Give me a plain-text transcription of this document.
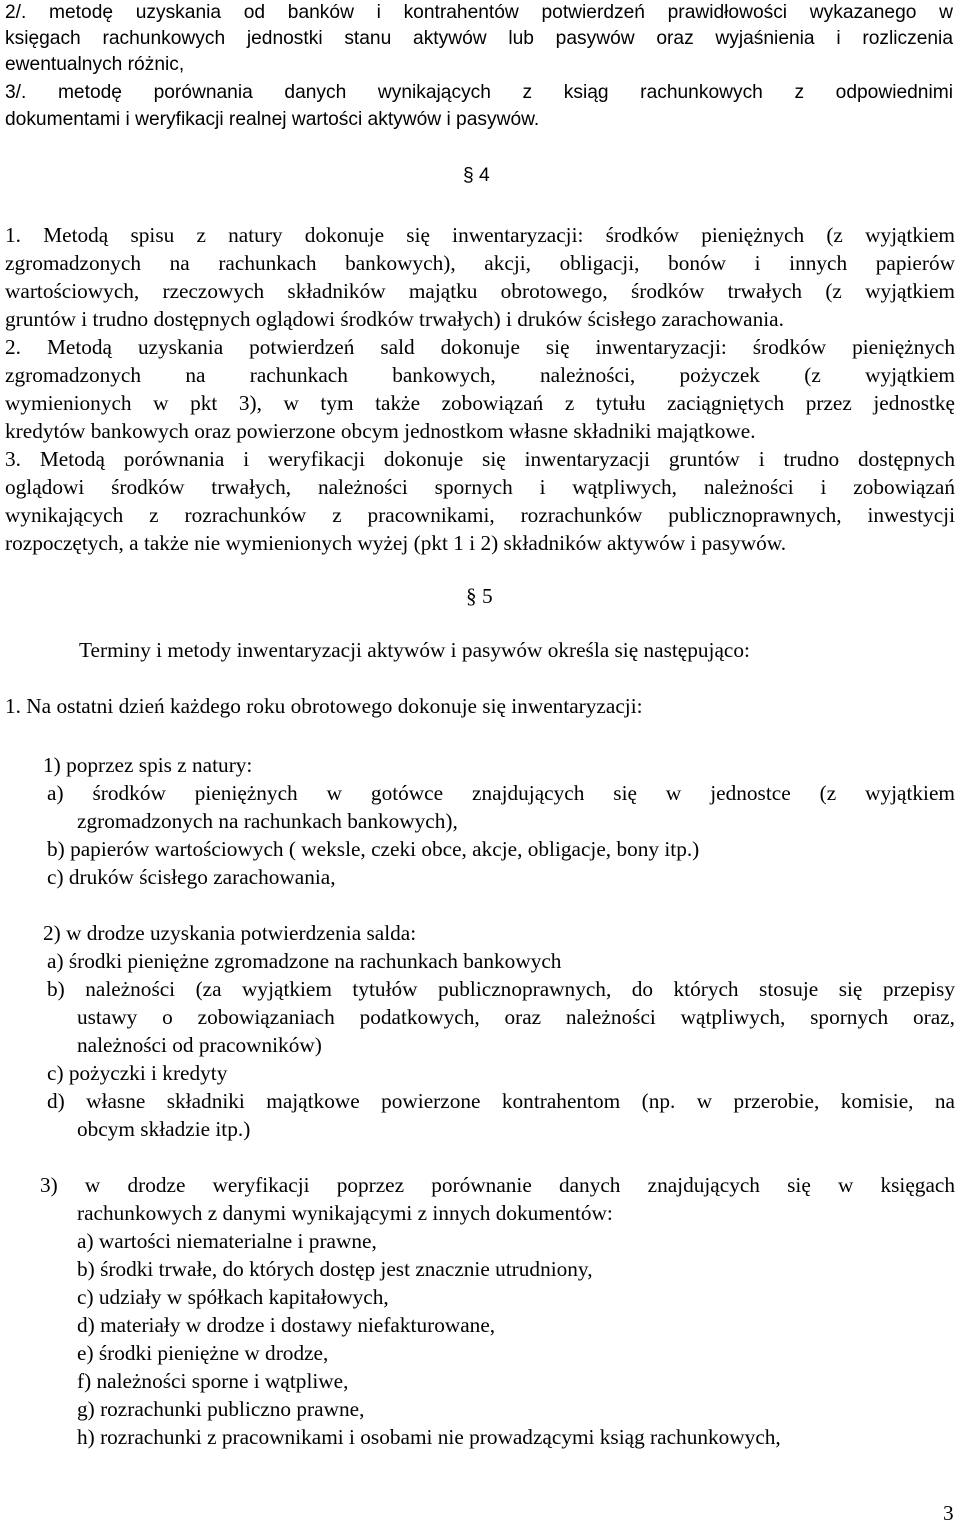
2/. metodę uzyskania od banków i kontrahentów potwierdzeń prawidłowości wykazanego w
księgach rachunkowych jednostki stanu aktywów lub pasywów oraz wyjaśnienia i rozliczenia
ewentualnych różnic,
3/. metodę porównania danych wynikających z ksiąg rachunkowych z odpowiednimi
dokumentami i weryfikacji realnej wartości aktywów i pasywów.
§ 4
1. Metodą spisu z natury dokonuje się inwentaryzacji: środków pieniężnych (z wyjątkiem
zgromadzonych na rachunkach bankowych), akcji, obligacji, bonów i innych papierów
wartościowych, rzeczowych składników majątku obrotowego, środków trwałych (z wyjątkiem
gruntów i trudno dostępnych oglądowi środków trwałych) i druków ścisłego zarachowania.
2. Metodą uzyskania potwierdzeń sald dokonuje się inwentaryzacji: środków pieniężnych
zgromadzonych na rachunkach bankowych, należności, pożyczek (z wyjątkiem
wymienionych w pkt 3), w tym także zobowiązań z tytułu zaciągniętych przez jednostkę
kredytów bankowych oraz powierzone obcym jednostkom własne składniki majątkowe.
3. Metodą porównania i weryfikacji dokonuje się inwentaryzacji gruntów i trudno dostępnych
oglądowi środków trwałych, należności spornych i wątpliwych, należności i zobowiązań
wynikających z rozrachunków z pracownikami, rozrachunków publicznoprawnych, inwestycji
rozpoczętych, a także nie wymienionych wyżej (pkt 1 i 2) składników aktywów i pasywów.
§ 5
Terminy i metody inwentaryzacji aktywów i pasywów określa się następująco:
1. Na ostatni dzień każdego roku obrotowego dokonuje się inwentaryzacji:
1) poprzez spis z natury:
a) środków pieniężnych w gotówce znajdujących się w jednostce (z wyjątkiem
zgromadzonych na rachunkach bankowych),
b) papierów wartościowych ( weksle, czeki obce, akcje, obligacje, bony itp.)
c) druków ścisłego zarachowania,
2) w drodze uzyskania potwierdzenia salda:
a) środki pieniężne zgromadzone na rachunkach bankowych
b) należności (za wyjątkiem tytułów publicznoprawnych, do których stosuje się przepisy
ustawy o zobowiązaniach podatkowych, oraz należności wątpliwych, spornych oraz,
należności od pracowników)
c) pożyczki i kredyty
d) własne składniki majątkowe powierzone kontrahentom (np. w przerobie, komisie, na
obcym składzie itp.)
3) w drodze weryfikacji poprzez porównanie danych znajdujących się w księgach
rachunkowych z danymi wynikającymi z innych dokumentów:
a) wartości niematerialne i prawne,
b) środki trwałe, do których dostęp jest znacznie utrudniony,
c) udziały w spółkach kapitałowych,
d) materiały w drodze i dostawy niefakturowane,
e) środki pieniężne w drodze,
f) należności sporne i wątpliwe,
g) rozrachunki publiczno prawne,
h) rozrachunki z pracownikami i osobami nie prowadzącymi ksiąg rachunkowych,
3
